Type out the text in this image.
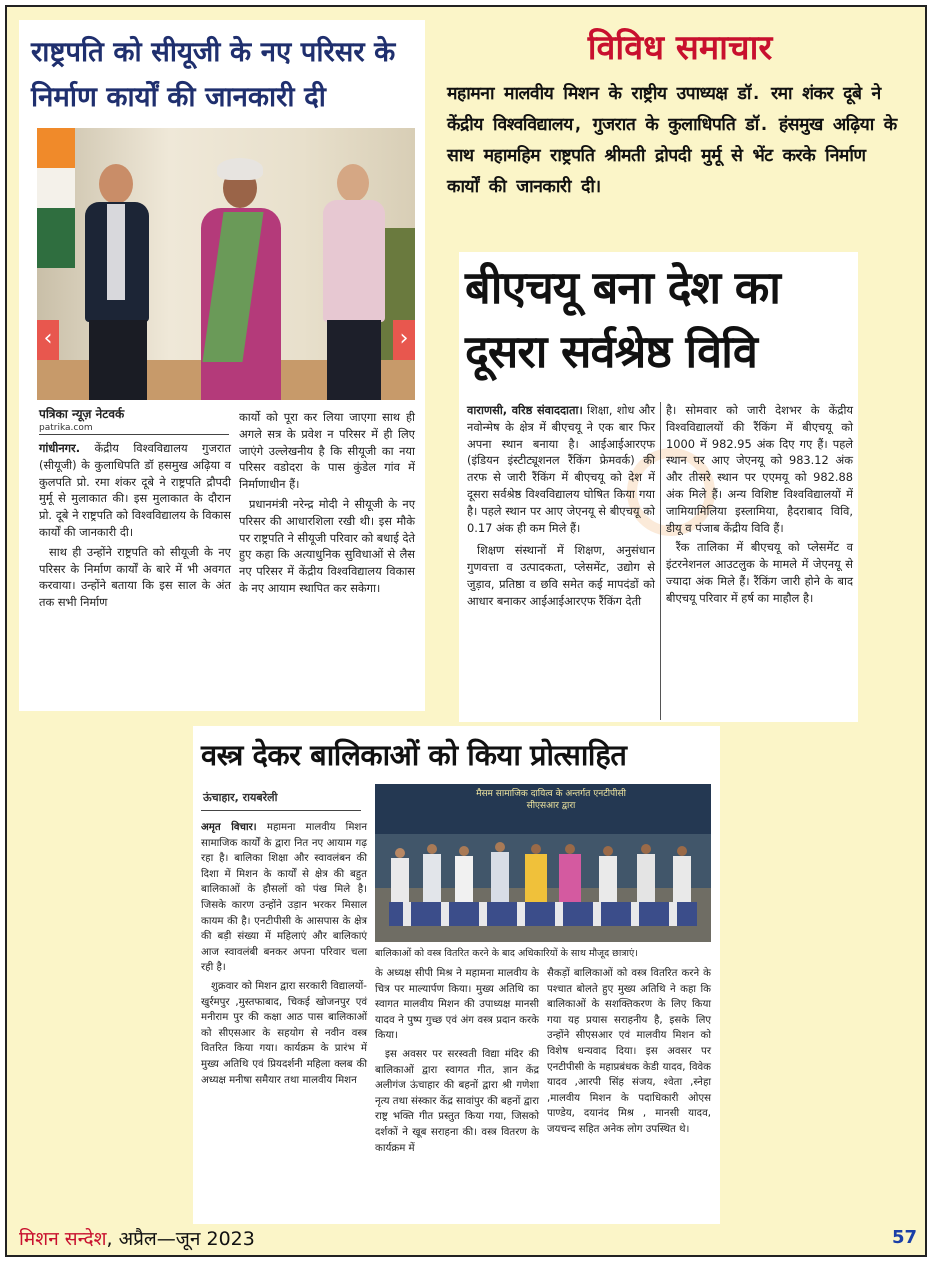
विविध समाचार
महामना मालवीय मिशन के राष्ट्रीय उपाध्यक्ष डॉ. रमा शंकर दूबे ने केंद्रीय विश्वविद्यालय, गुजरात के कुलाधिपति डॉ. हंसमुख अढ़िया के साथ महामहिम राष्ट्रपति श्रीमती द्रोपदी मुर्मू से भेंट करके निर्माण कार्यों की जानकारी दी।
राष्ट्रपति को सीयूजी के नए परिसर के निर्माण कार्यों की जानकारी दी
‹	›
पत्रिका न्यूज़ नेटवर्क
patrika.com

गांधीनगर. केंद्रीय विश्वविद्यालय गुजरात (सीयूजी) के कुलाधिपति डॉ हसमुख अढ़िया व कुलपति प्रो. रमा शंकर दूबे ने राष्ट्रपति द्रौपदी मुर्मू से मुलाकात की। इस मुलाकात के दौरान प्रो. दूबे ने राष्ट्रपति को विश्वविद्यालय के विकास कार्यों की जानकारी दी।

साथ ही उन्होंने राष्ट्रपति को सीयूजी के नए परिसर के निर्माण कार्यों के बारे में भी अवगत करवाया। उन्होंने बताया कि इस साल के अंत तक सभी निर्माण

कार्यो को पूरा कर लिया जाएगा साथ ही अगले सत्र के प्रवेश न परिसर में ही लिए जाएंगे उल्लेखनीय है कि सीयूजी का नया परिसर वडोदरा के पास कुंडेल गांव में निर्माणाधीन हैं।

प्रधानमंत्री नरेन्द्र मोदी ने सीयूजी के नए परिसर की आधारशिला रखी थी। इस मौके पर राष्ट्रपति ने सीयूजी परिवार को बधाई देते हुए कहा कि अत्याधुनिक सुविधाओं से लैस नए परिसर में केंद्रीय विश्वविद्यालय विकास के नए आयाम स्थापित कर सकेगा।

बीएचयू बना देश का
दूसरा सर्वश्रेष्ठ विवि

वाराणसी, वरिष्ठ संवाददाता। शिक्षा, शोध और नवोन्मेष के क्षेत्र में बीएचयू ने एक बार फिर अपना स्थान बनाया है। आईआईआरएफ (इंडियन इंस्टीट्यूशनल रैंकिंग फ्रेमवर्क) की तरफ से जारी रैंकिंग में बीएचयू को देश में दूसरा सर्वश्रेष्ठ विश्वविद्यालय घोषित किया गया है। पहले स्थान पर आए जेएनयू से बीएचयू को 0.17 अंक ही कम मिले हैं।

शिक्षण संस्थानों में शिक्षण, अनुसंधान गुणवत्ता व उत्पादकता, प्लेसमेंट, उद्योग से जुड़ाव, प्रतिष्ठा व छवि समेत कई मापदंडों को आधार बनाकर आईआईआरएफ रैंकिंग देती

है। सोमवार को जारी देशभर के केंद्रीय विश्वविद्यालयों की रैंकिंग में बीएचयू को 1000 में 982.95 अंक दिए गए हैं। पहले स्थान पर आए जेएनयू को 983.12 अंक और तीसरे स्थान पर एएमयू को 982.88 अंक मिले हैं। अन्य विशिष्ट विश्वविद्यालयों में जामियामिलिया इस्लामिया, हैदराबाद विवि, डीयू व पंजाब केंद्रीय विवि हैं।

रैंक तालिका में बीएचयू को प्लेसमेंट व इंटरनेशनल आउटलुक के मामले में जेएनयू से ज्यादा अंक मिले हैं। रैंकिंग जारी होने के बाद बीएचयू परिवार में हर्ष का माहौल है।

वस्त्र देकर बालिकाओं को किया प्रोत्साहित
ऊंचाहार, रायबरेली	मैसम सामाजिक दायित्व के अन्तर्गत एनटीपीसी सीएसआर द्वारा
बालिकाओं को वस्त्र वितरित करने के बाद अधिकारियों के साथ मौजूद छात्राएं।

अमृत विचार। महामना मालवीय मिशन सामाजिक कार्यों के द्वारा नित नए आयाम गढ़ रहा है। बालिका शिक्षा और स्वावलंबन की दिशा में मिशन के कार्यों से क्षेत्र की बहुत बालिकाओं के हौसलों को पंख मिले है। जिसके कारण उन्होंने उड़ान भरकर मिसाल कायम की है। एनटीपीसी के आसपास के क्षेत्र की बड़ी संख्या में महिलाएं और बालिकाएं आज स्वावलंबी बनकर अपना परिवार चला रही है।

शुक्रवार को मिशन द्वारा सरकारी विद्यालयों- खुर्रमपुर ,मुस्तफाबाद, चिकई खोजनपुर एवं मनीराम पुर की कक्षा आठ पास बालिकाओं को सीएसआर के सहयोग से नवीन वस्त्र वितरित किया गया। कार्यक्रम के प्रारंभ में मुख्य अतिथि एवं प्रियदर्शनी महिला क्लब की अध्यक्ष मनीषा समैयार तथा मालवीय मिशन

के अध्यक्ष सीपी मिश्र ने महामना मालवीय के चित्र पर माल्यार्पण किया। मुख्य अतिथि का स्वागत मालवीय मिशन की उपाध्यक्ष मानसी यादव ने पुष्प गुच्छ एवं अंग वस्त्र प्रदान करके किया।

इस अवसर पर सरस्वती विद्या मंदिर की बालिकाओं द्वारा स्वागत गीत, ज्ञान केंद्र अलीगंज ऊंचाहार की बहनों द्वारा श्री गणेशा नृत्य तथा संस्कार केंद्र सावांपुर की बहनों द्वारा राष्ट्र भक्ति गीत प्रस्तुत किया गया, जिसको दर्शकों ने खूब सराहना की। वस्त्र वितरण के कार्यक्रम में

सैकड़ों बालिकाओं को वस्त्र वितरित करने के पश्चात बोलते हुए मुख्य अतिथि ने कहा कि बालिकाओं के सशक्तिकरण के लिए किया गया यह प्रयास सराहनीय है, इसके लिए उन्होंने सीएसआर एवं मालवीय मिशन को विशेष धन्यवाद दिया। इस अवसर पर एनटीपीसी के महाप्रबंधक केडी यादव, विवेक यादव ,आरपी सिंह संजय, श्वेता ,स्नेहा ,मालवीय मिशन के पदाधिकारी ओएस पाण्डेय, दयानंद मिश्र , मानसी यादव, जयचन्द सहित अनेक लोग उपस्थित थे।

मिशन सन्देश, अप्रैल—जून 2023	57
